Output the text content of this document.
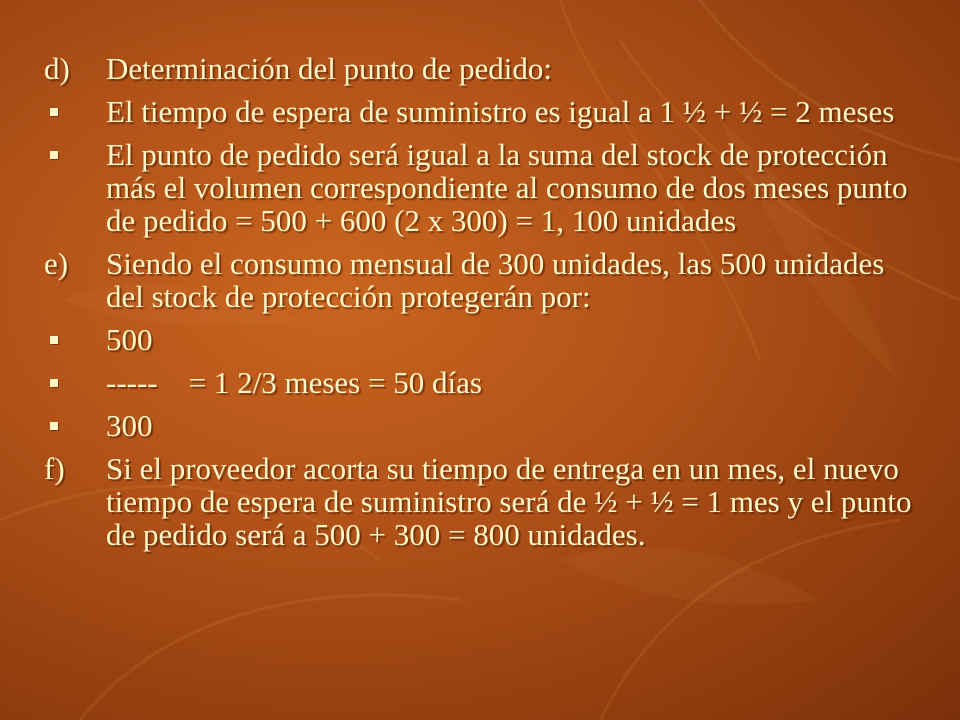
d) Determinación del punto de pedido:
El tiempo de espera de suministro es igual a 1 ½ + ½ = 2 meses
El punto de pedido será igual a la suma del stock de protección más el volumen correspondiente al consumo de dos meses punto de pedido = 500 + 600 (2 x 300) = 1, 100 unidades
e) Siendo el consumo mensual de 300 unidades, las 500 unidades del stock de protección protegerán por:
500
-----    = 1 2/3 meses = 50 días
300
f) Si el proveedor acorta su tiempo de entrega en un mes, el nuevo tiempo de espera de suministro será de ½ + ½ = 1 mes y el punto de pedido será a 500 + 300 = 800 unidades.
